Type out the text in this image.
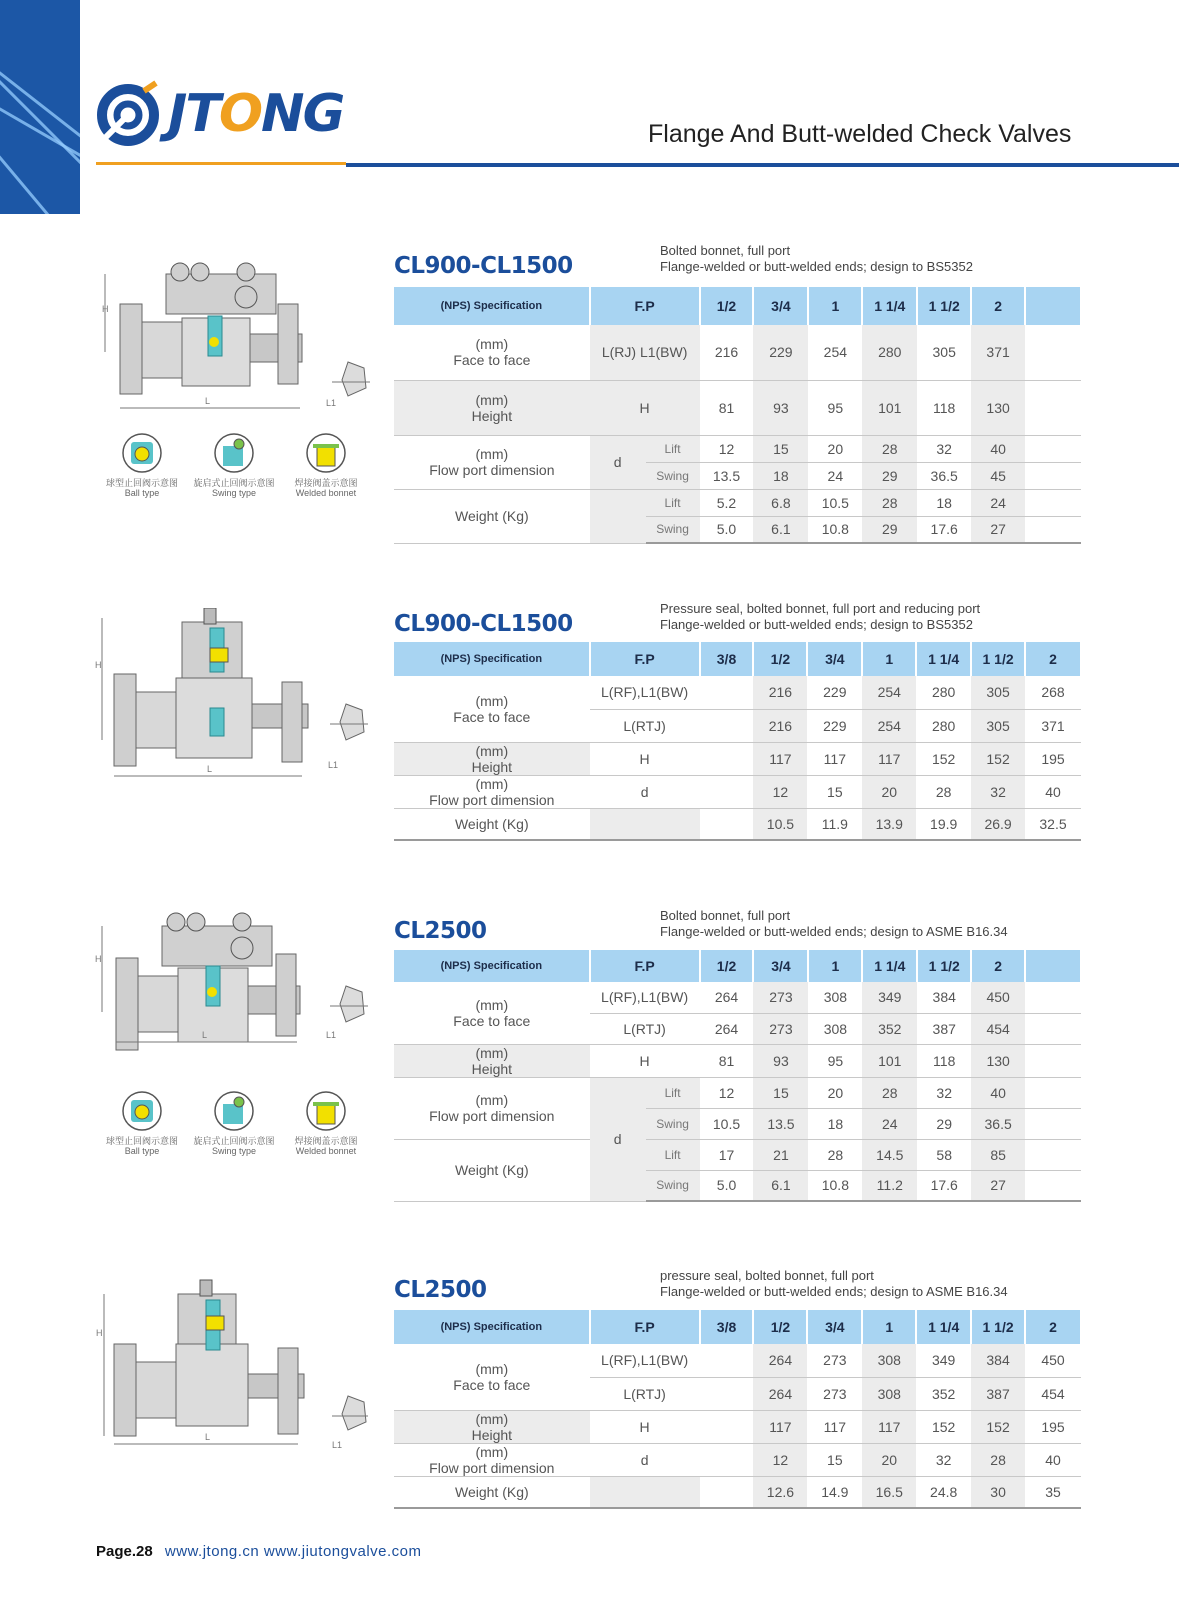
JTONG	Flange And Butt-welded Check Valves
CL900-CL1500
Bolted bonnet, full port
Flange-welded or butt-welded ends; design to BS5352
H
L	L1
球型止回阀示意图
Ball type
旋启式止回阀示意图
Swing type
焊接阀盖示意图
Welded bonnet
(NPS) Specification	F.P		1/2	3/4	1	1 1/4	1 1/2	2	

(mm)
Face to face	L(RJ) L1(BW)		216	229	254	280	305	371	

(mm)
Height	H		81	93	95	101	118	130	

(mm)
Flow port dimension	d	Lift	12	15	20	28	32	40	
		Swing	13.5	18	24	29	36.5	45	
Weight (Kg)		Lift	5.2	6.8	10.5	28	18	24	
		Swing	5.0	6.1	10.8	29	17.6	27	
CL900-CL1500
Pressure seal, bolted bonnet, full port and reducing port
Flange-welded or butt-welded ends; design to BS5352
H
L	L1
(NPS) Specification	F.P	3/8	1/2	3/4	1	1 1/4	1 1/2	2

(mm)
Face to face	L(RF),L1(BW)		216	229	254	280	305	268
	L(RTJ)		216	229	254	280	305	371

(mm)
Height	H		117	117	117	152	152	195

(mm)
Flow port dimension	d		12	15	20	28	32	40
Weight (Kg)			10.5	11.9	13.9	19.9	26.9	32.5
CL2500
Bolted bonnet, full port
Flange-welded or butt-welded ends; design to ASME B16.34
H
L	L1
球型止回阀示意图
Ball type
旋启式止回阀示意图
Swing type
焊接阀盖示意图
Welded bonnet
(NPS) Specification	F.P		1/2	3/4	1	1 1/4	1 1/2	2	

(mm)
Face to face	L(RF),L1(BW)		264	273	308	349	384	450	
	L(RTJ)		264	273	308	352	387	454	

(mm)
Height	H		81	93	95	101	118	130	

(mm)
Flow port dimension	d	Lift	12	15	20	28	32	40	
		Swing	10.5	13.5	18	24	29	36.5	
Weight (Kg)		Lift	17	21	28	14.5	58	85	
		Swing	5.0	6.1	10.8	11.2	17.6	27	
CL2500
pressure seal, bolted bonnet, full port
Flange-welded or butt-welded ends; design to ASME B16.34
H
L
L1
(NPS) Specification	F.P	3/8	1/2	3/4	1	1 1/4	1 1/2	2

(mm)
Face to face	L(RF),L1(BW)		264	273	308	349	384	450
	L(RTJ)		264	273	308	352	387	454

(mm)
Height	H		117	117	117	152	152	195

(mm)
Flow port dimension	d		12	15	20	32	28	40
Weight (Kg)			12.6	14.9	16.5	24.8	30	35
Page.28 www.jtong.cn www.jiutongvalve.com
